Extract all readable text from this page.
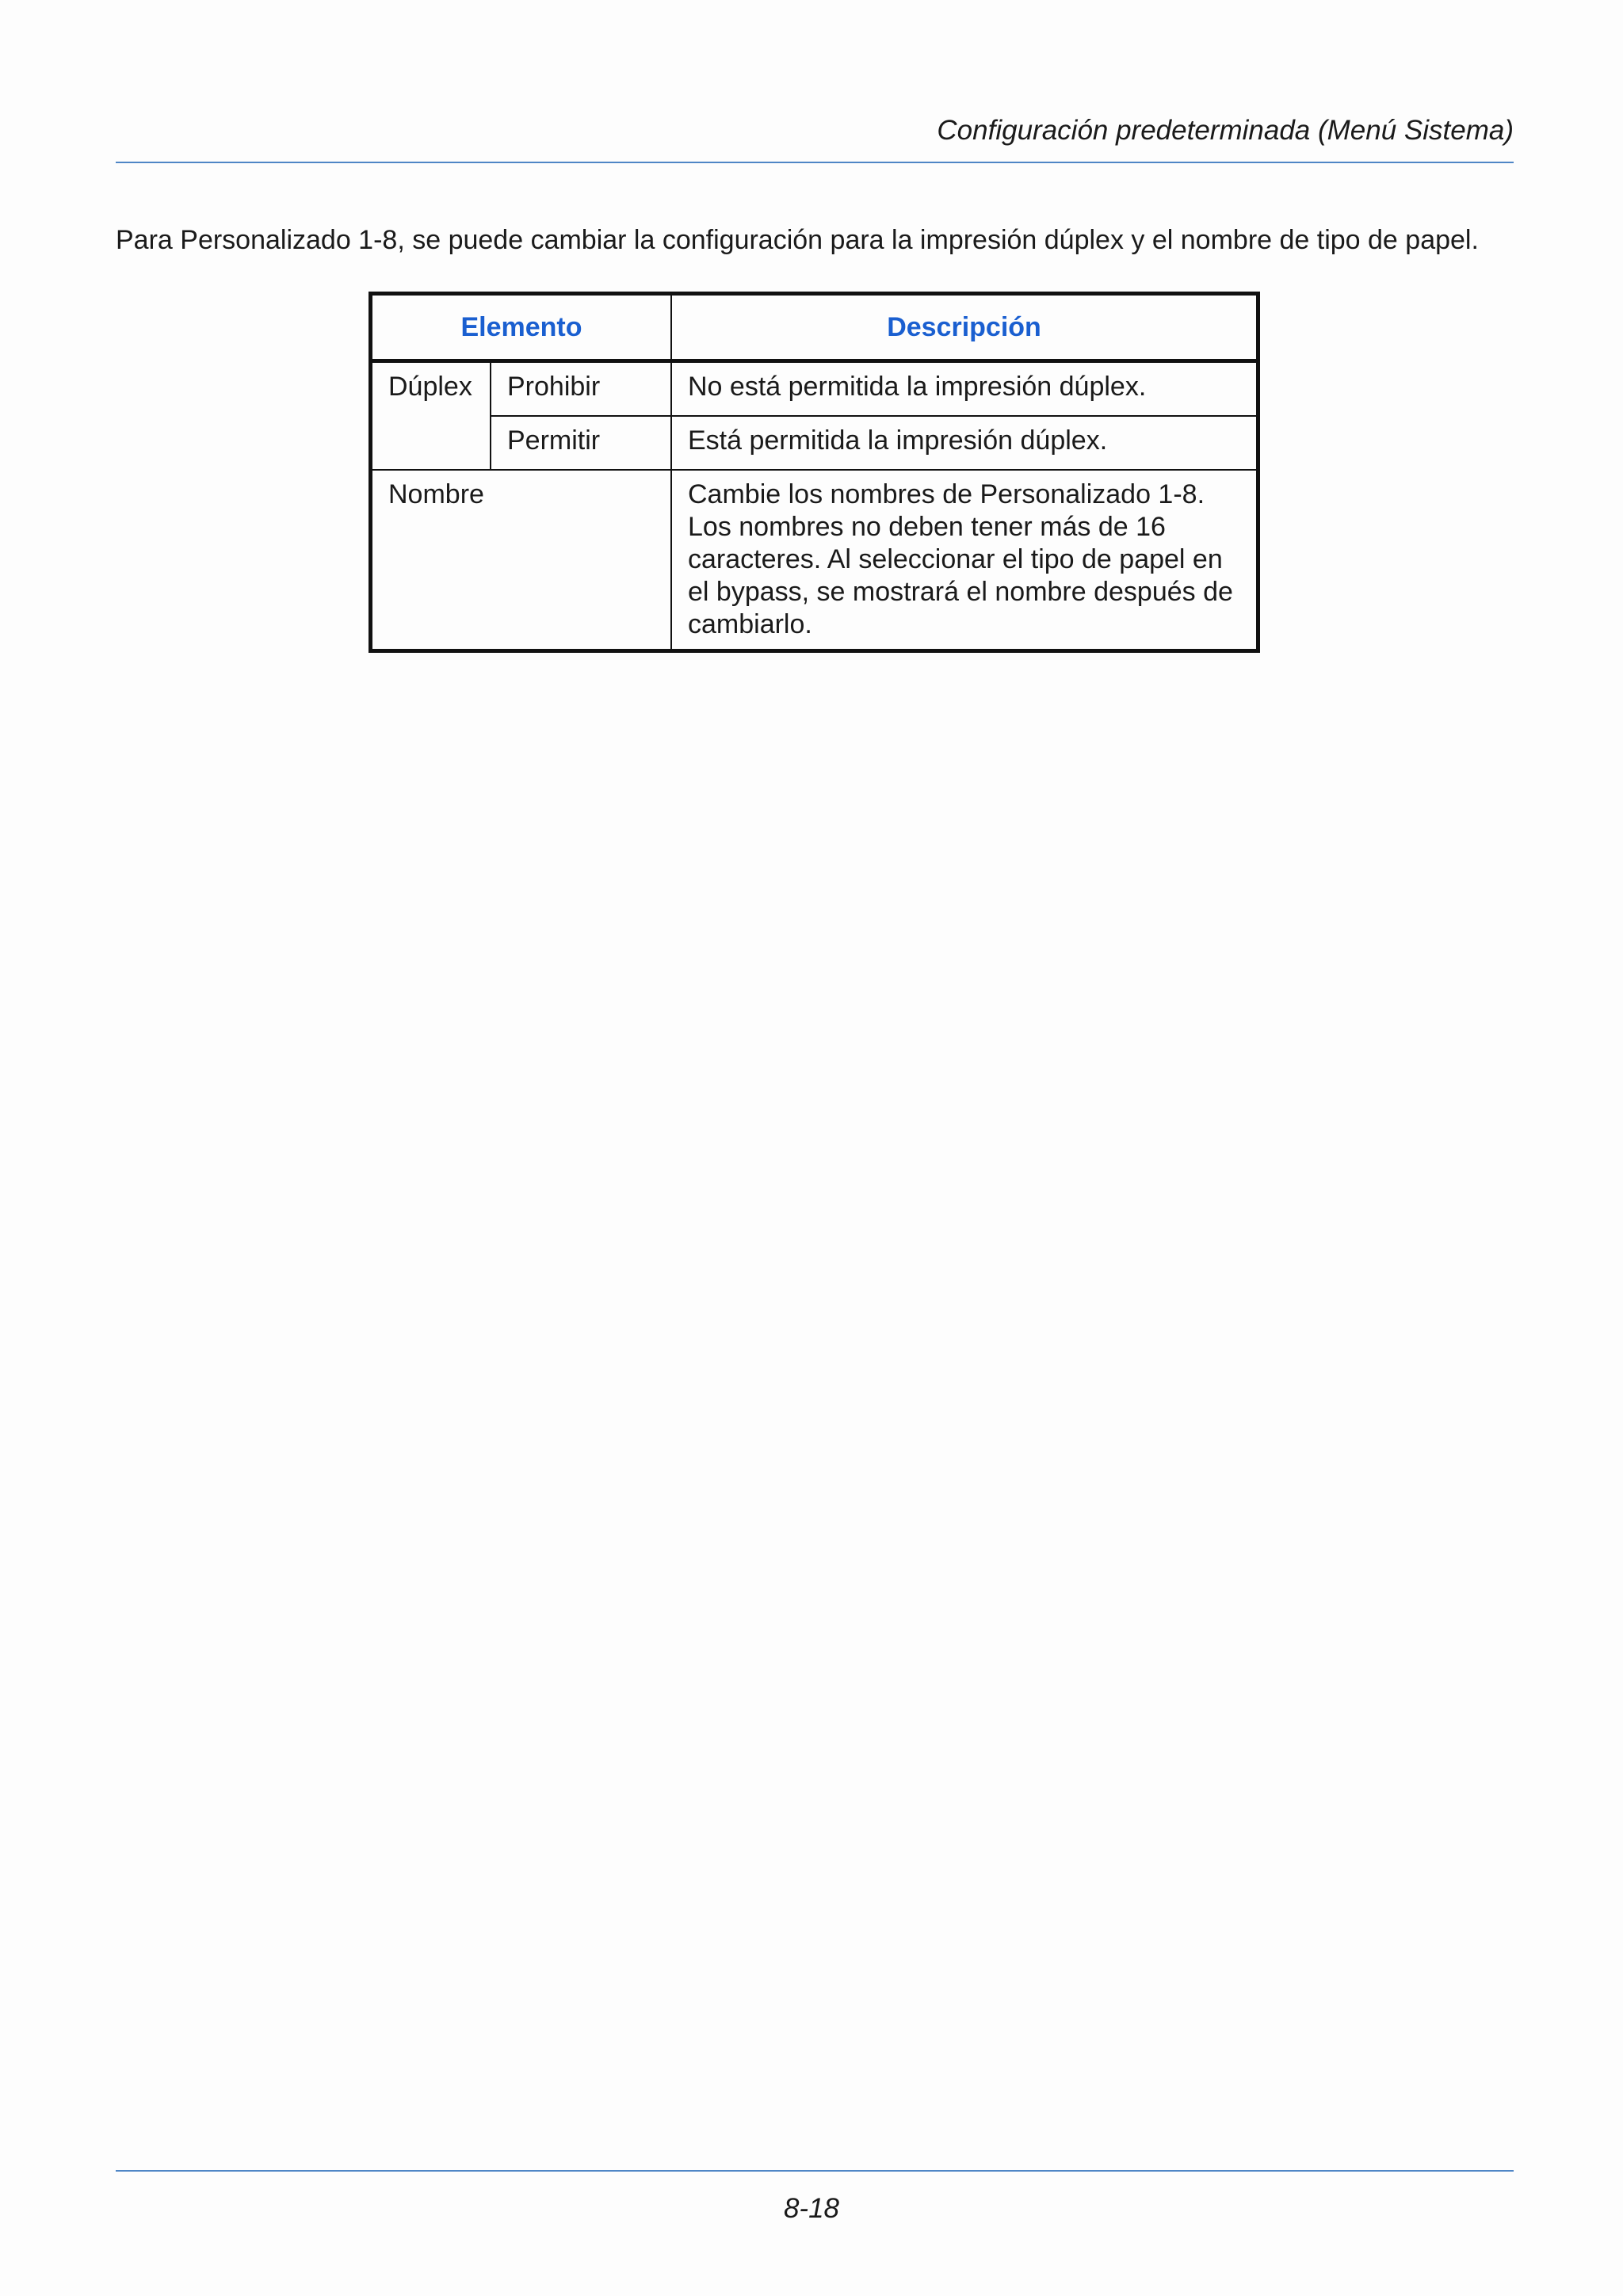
Configuración predeterminada (Menú Sistema)
Para Personalizado 1-8, se puede cambiar la configuración para la impresión dúplex y el nombre de tipo de papel.
Elemento		Descripción
Dúplex	Prohibir	No está permitida la impresión dúplex.
	Permitir	Está permitida la impresión dúplex.
Nombre		Cambie los nombres de Personalizado 1-8.
Los nombres no deben tener más de 16
caracteres. Al seleccionar el tipo de papel en
el bypass, se mostrará el nombre después de
cambiarlo.
8-18
